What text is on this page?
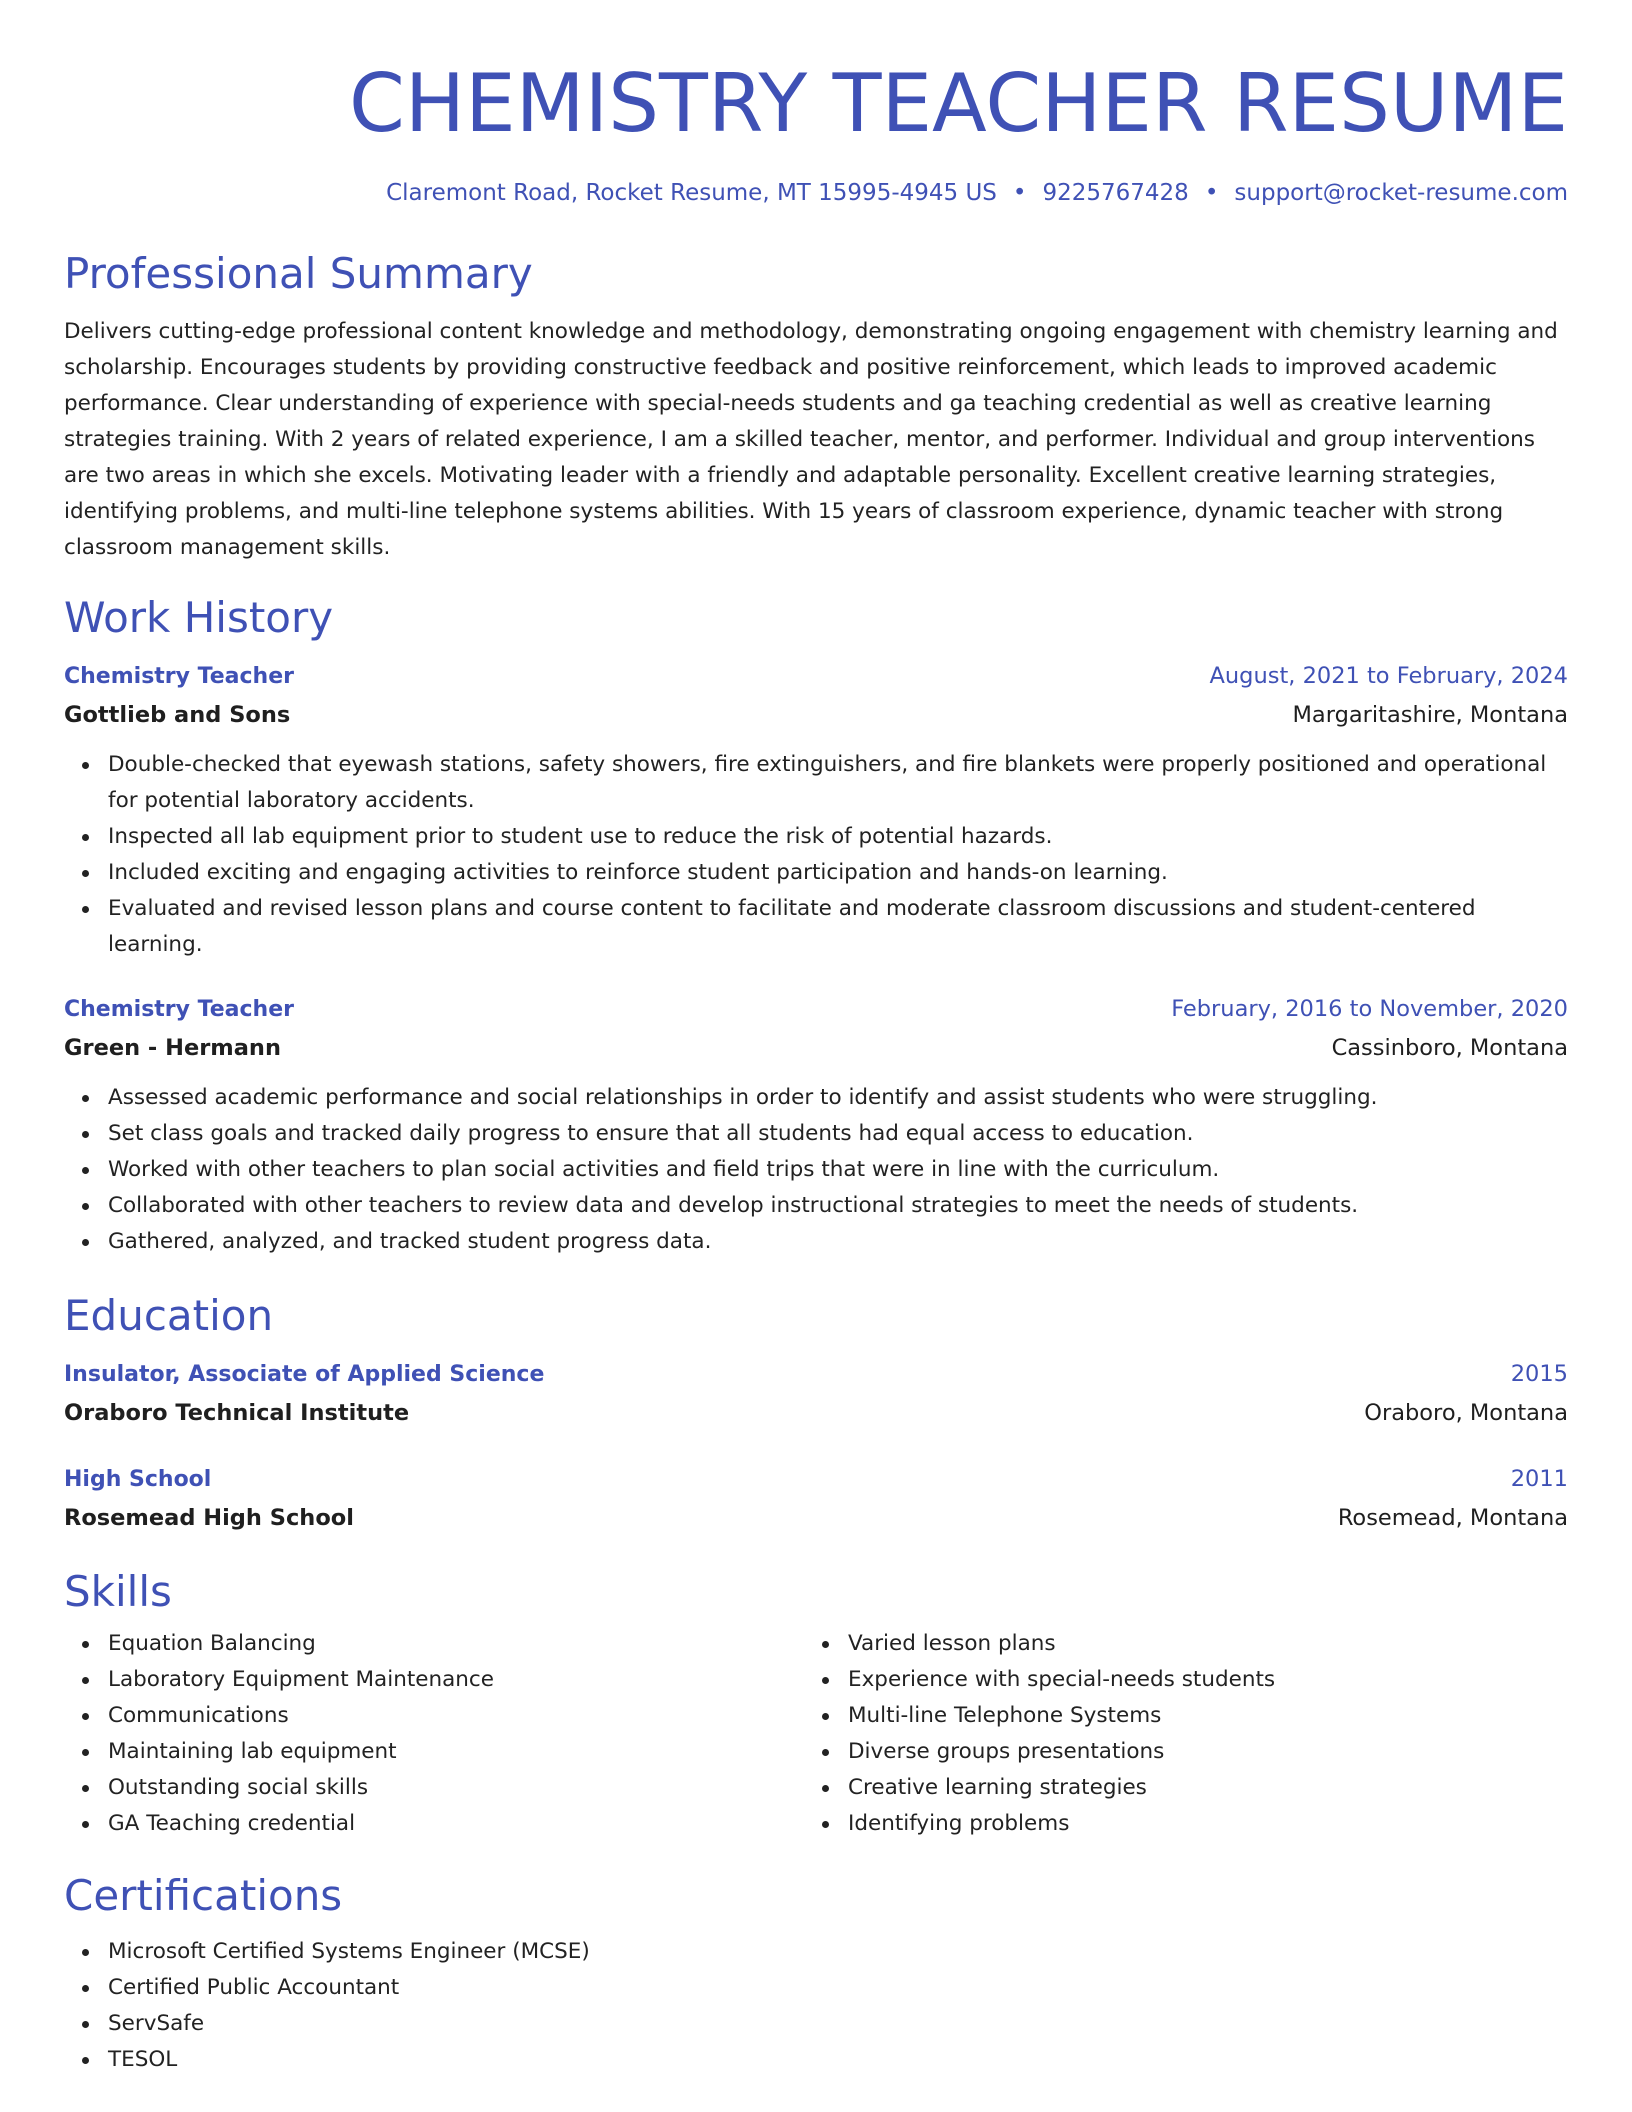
CHEMISTRY TEACHER RESUME
Claremont Road, Rocket Resume, MT 15995-4945 US • 9225767428 • support@rocket-resume.com
Professional Summary
Delivers cutting-edge professional content knowledge and methodology, demonstrating ongoing engagement with chemistry learning and scholarship. Encourages students by providing constructive feedback and positive reinforcement, which leads to improved academic performance. Clear understanding of experience with special-needs students and ga teaching credential as well as creative learning strategies training. With 2 years of related experience, I am a skilled teacher, mentor, and performer. Individual and group interventions are two areas in which she excels. Motivating leader with a friendly and adaptable personality. Excellent creative learning strategies, identifying problems, and multi-line telephone systems abilities. With 15 years of classroom experience, dynamic teacher with strong classroom management skills.
Work History
Chemistry Teacher	August, 2021 to February, 2024
Gottlieb and Sons	Margaritashire, Montana
Double-checked that eyewash stations, safety showers, fire extinguishers, and fire blankets were properly positioned and operational for potential laboratory accidents.
Inspected all lab equipment prior to student use to reduce the risk of potential hazards.
Included exciting and engaging activities to reinforce student participation and hands-on learning.
Evaluated and revised lesson plans and course content to facilitate and moderate classroom discussions and student-centered learning.
Chemistry Teacher	February, 2016 to November, 2020
Green - Hermann	Cassinboro, Montana
Assessed academic performance and social relationships in order to identify and assist students who were struggling.
Set class goals and tracked daily progress to ensure that all students had equal access to education.
Worked with other teachers to plan social activities and field trips that were in line with the curriculum.
Collaborated with other teachers to review data and develop instructional strategies to meet the needs of students.
Gathered, analyzed, and tracked student progress data.
Education
Insulator, Associate of Applied Science	2015
Oraboro Technical Institute	Oraboro, Montana
High School	2011
Rosemead High School	Rosemead, Montana
Skills
Equation Balancing
Laboratory Equipment Maintenance
Communications
Maintaining lab equipment
Outstanding social skills
GA Teaching credential
Varied lesson plans
Experience with special-needs students
Multi-line Telephone Systems
Diverse groups presentations
Creative learning strategies
Identifying problems
Certifications
Microsoft Certified Systems Engineer (MCSE)
Certified Public Accountant
ServSafe
TESOL
